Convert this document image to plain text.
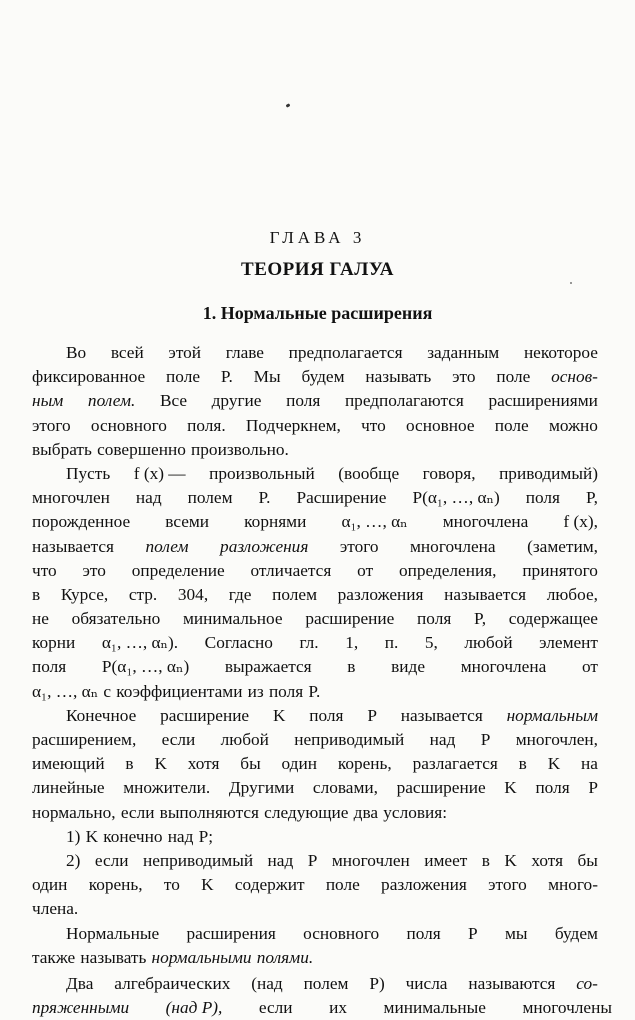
ГЛАВА 3
ТЕОРИЯ ГАЛУА
1. Нормальные расширения
Во всей этой главе предполагается заданным некоторое
фиксированное поле P. Мы будем называть это поле основ-
ным полем. Все другие поля предполагаются расширениями
этого основного поля. Подчеркнем, что основное поле можно
выбрать совершенно произвольно.
Пусть f (x) — произвольный (вообще говоря, приводимый)
многочлен над полем P. Расширение P(α₁, …, αₙ) поля P,
порожденное всеми корнями α₁, …, αₙ многочлена f (x),
называется полем разложения этого многочлена (заметим,
что это определение отличается от определения, принятого
в Курсе, стр. 304, где полем разложения называется любое,
не обязательно минимальное расширение поля P, содержащее
корни α₁, …, αₙ). Согласно гл. 1, п. 5, любой элемент
поля P(α₁, …, αₙ) выражается в виде многочлена от
α₁, …, αₙ с коэффициентами из поля P.
Конечное расширение K поля P называется нормальным
расширением, если любой неприводимый над P многочлен,
имеющий в K хотя бы один корень, разлагается в K на
линейные множители. Другими словами, расширение K поля P
нормально, если выполняются следующие два условия:
1) K конечно над P;
2) если неприводимый над P многочлен имеет в K хотя бы
один корень, то K содержит поле разложения этого много-
члена.
Нормальные расширения основного поля P мы будем
также называть нормальными полями.
Два алгебраических (над полем P) числа называются со-
пряженными (над P), если их минимальные многочлены
